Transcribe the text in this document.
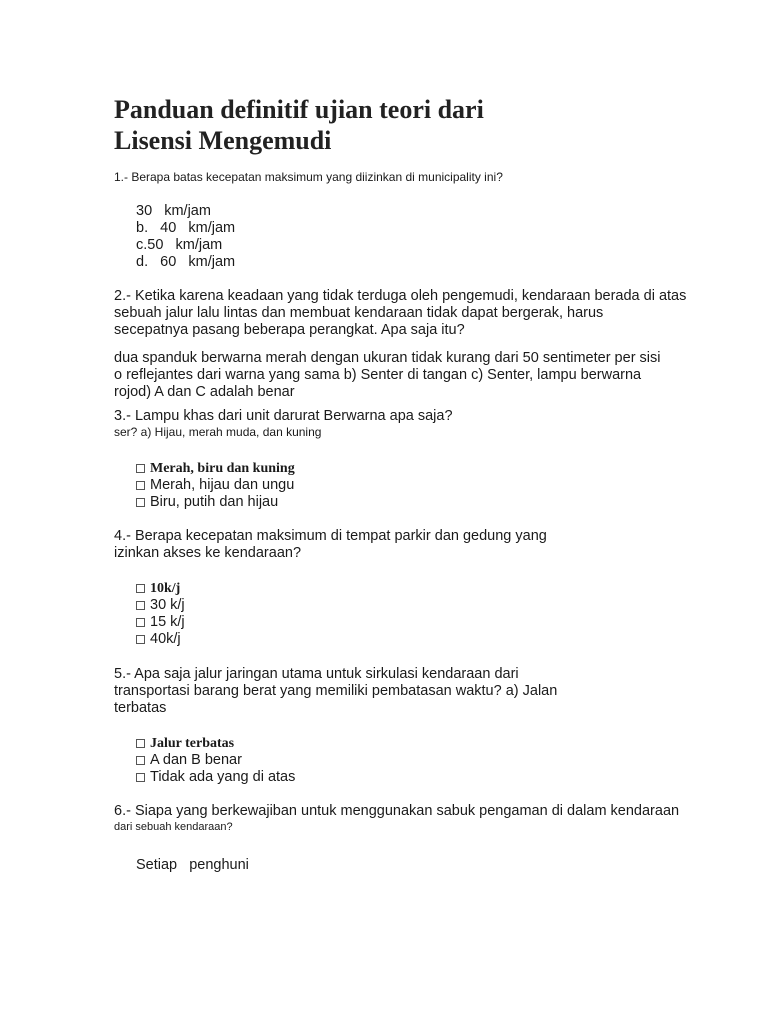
Panduan definitif ujian teori dari
Lisensi Mengemudi

1.- Berapa batas kecepatan maksimum yang diizinkan di municipality ini?

30   km/jam
b.   40   km/jam
c.50   km/jam
d.   60   km/jam

2.- Ketika karena keadaan yang tidak terduga oleh pengemudi, kendaraan berada di atas
sebuah jalur lalu lintas dan membuat kendaraan tidak dapat bergerak, harus
secepatnya pasang beberapa perangkat. Apa saja itu?

dua spanduk berwarna merah dengan ukuran tidak kurang dari 50 sentimeter per sisi
o reflejantes dari warna yang sama b) Senter di tangan c) Senter, lampu berwarna
rojod) A dan C adalah benar

3.- Lampu khas dari unit darurat Berwarna apa saja?

ser? a) Hijau, merah muda, dan kuning

Merah, biru dan kuning
Merah, hijau dan ungu
Biru, putih dan hijau

4.- Berapa kecepatan maksimum di tempat parkir dan gedung yang
izinkan akses ke kendaraan?

10k/j
30 k/j
15 k/j
40k/j

5.- Apa saja jalur jaringan utama untuk sirkulasi kendaraan dari
transportasi barang berat yang memiliki pembatasan waktu? a) Jalan
terbatas

Jalur terbatas
A dan B benar
Tidak ada yang di atas

6.- Siapa yang berkewajiban untuk menggunakan sabuk pengaman di dalam kendaraan

dari sebuah kendaraan?

Setiap   penghuni
